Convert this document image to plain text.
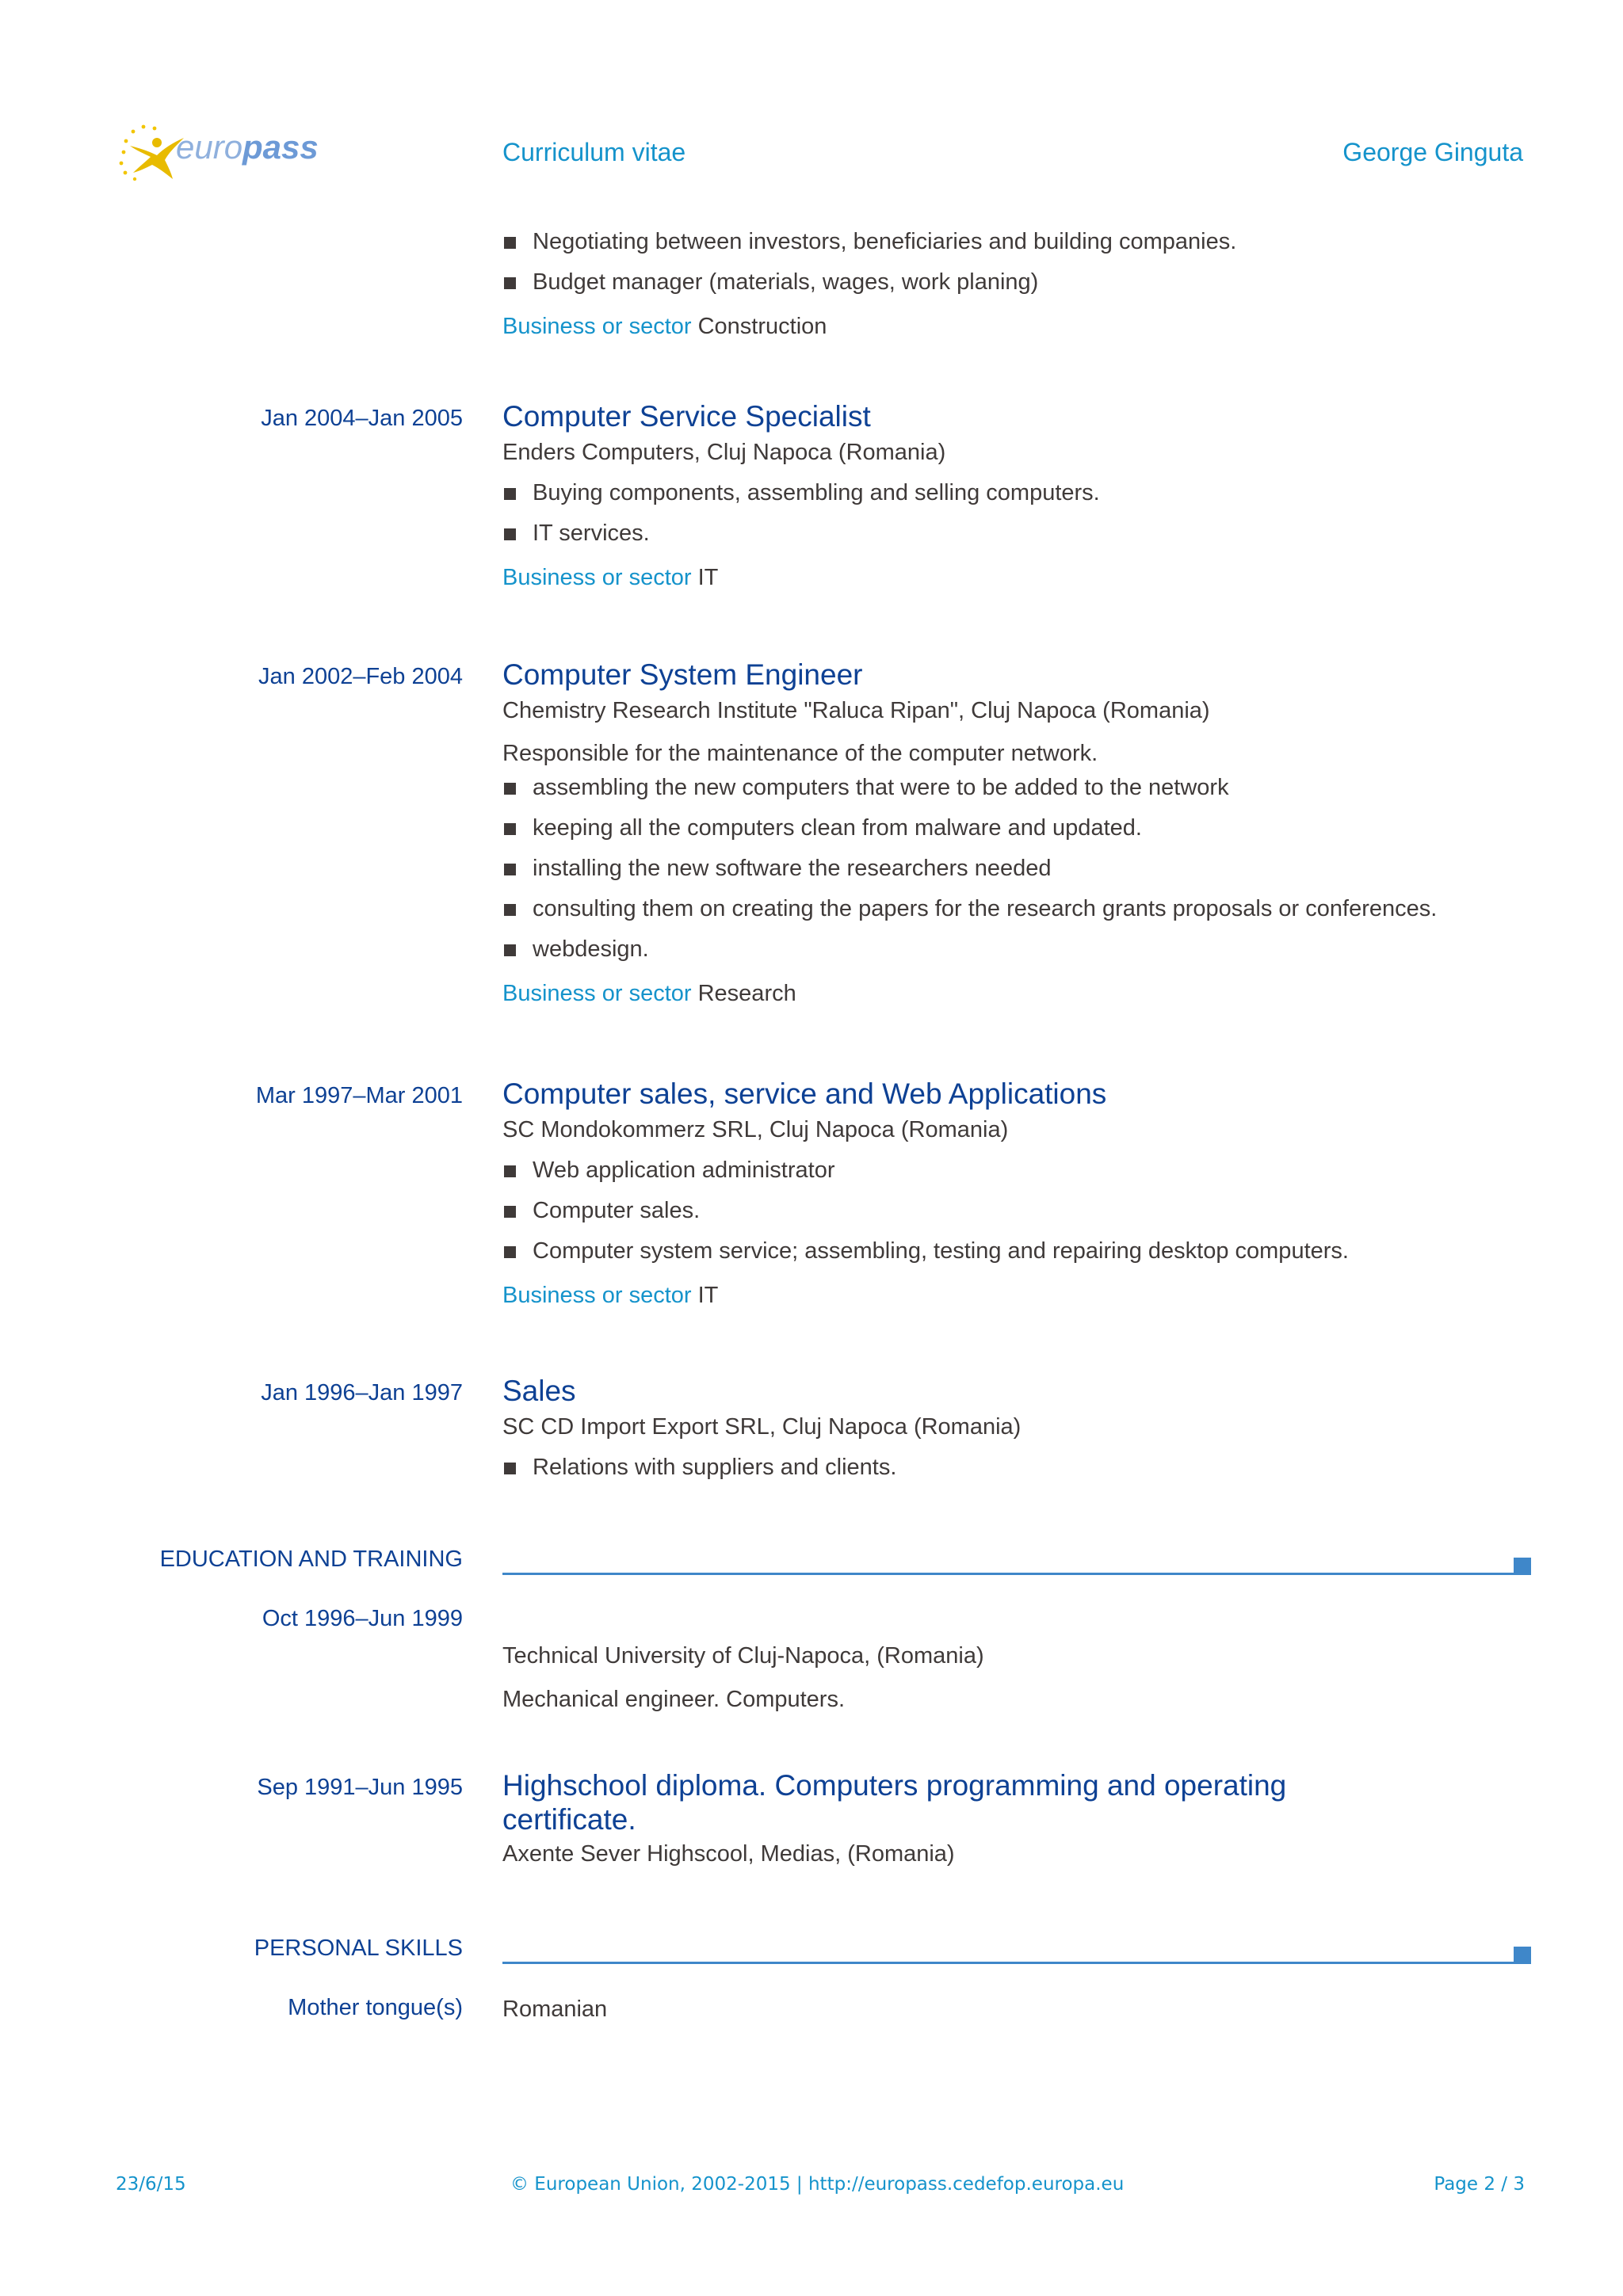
euro pass	Curriculum vitae	George Ginguta
Negotiating between investors, beneficiaries and building companies.
Budget manager (materials, wages, work planing)
Business or sector Construction
Jan 2004–Jan 2005 Computer Service Specialist
Enders Computers, Cluj Napoca (Romania)
Buying components, assembling and selling computers.
IT services.
Business or sector IT
Jan 2002–Feb 2004 Computer System Engineer
Chemistry Research Institute "Raluca Ripan", Cluj Napoca (Romania)
Responsible for the maintenance of the computer network.
assembling the new computers that were to be added to the network
keeping all the computers clean from malware and updated.
installing the new software the researchers needed
consulting them on creating the papers for the research grants proposals or conferences.
webdesign.
Business or sector Research
Mar 1997–Mar 2001 Computer sales, service and Web Applications
SC Mondokommerz SRL, Cluj Napoca (Romania)
Web application administrator
Computer sales.
Computer system service; assembling, testing and repairing desktop computers.
Business or sector IT
Jan 1996–Jan 1997 Sales
SC CD Import Export SRL, Cluj Napoca (Romania)
Relations with suppliers and clients.
EDUCATION AND TRAINING
Oct 1996–Jun 1999
Technical University of Cluj-Napoca, (Romania)
Mechanical engineer. Computers.
Sep 1991–Jun 1995 Highschool diploma. Computers programming and operating
certificate.
Axente Sever Highscool, Medias, (Romania)
PERSONAL SKILLS
Mother tongue(s) Romanian
23/6/15	© European Union, 2002-2015 | http://europass.cedefop.europa.eu	Page 2 / 3
